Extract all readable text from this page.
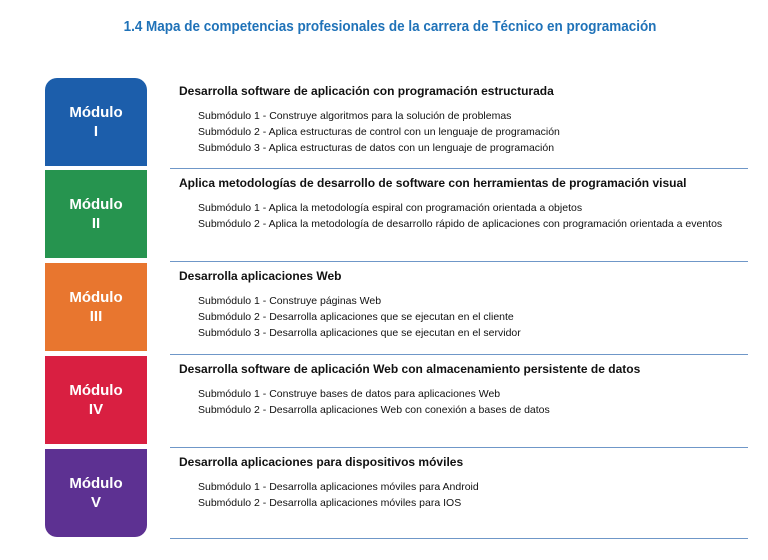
1.4 Mapa de competencias profesionales de la carrera de Técnico en programación
Módulo
I
Módulo
II
Módulo
III
Módulo
IV
Módulo
V
Desarrolla software de aplicación con programación estructurada
Submódulo 1 - Construye algoritmos para la solución de problemas
Submódulo 2 - Aplica estructuras de control con un lenguaje de programación
Submódulo 3 - Aplica estructuras de datos con un lenguaje de programación
Aplica metodologías de desarrollo de software con herramientas de programación visual
Submódulo 1 - Aplica la metodología espiral con programación orientada a objetos
Submódulo 2 - Aplica la metodología de desarrollo rápido de aplicaciones con programación orientada a eventos
Desarrolla aplicaciones Web
Submódulo 1 - Construye páginas Web
Submódulo 2 - Desarrolla aplicaciones que se ejecutan en el cliente
Submódulo 3 - Desarrolla aplicaciones que se ejecutan en el servidor
Desarrolla software de aplicación Web con almacenamiento persistente de datos
Submódulo 1 - Construye bases de datos para aplicaciones Web
Submódulo 2 - Desarrolla aplicaciones Web con conexión a bases de datos
Desarrolla aplicaciones para dispositivos móviles
Submódulo 1 - Desarrolla aplicaciones móviles para Android
Submódulo 2 - Desarrolla aplicaciones móviles para IOS
